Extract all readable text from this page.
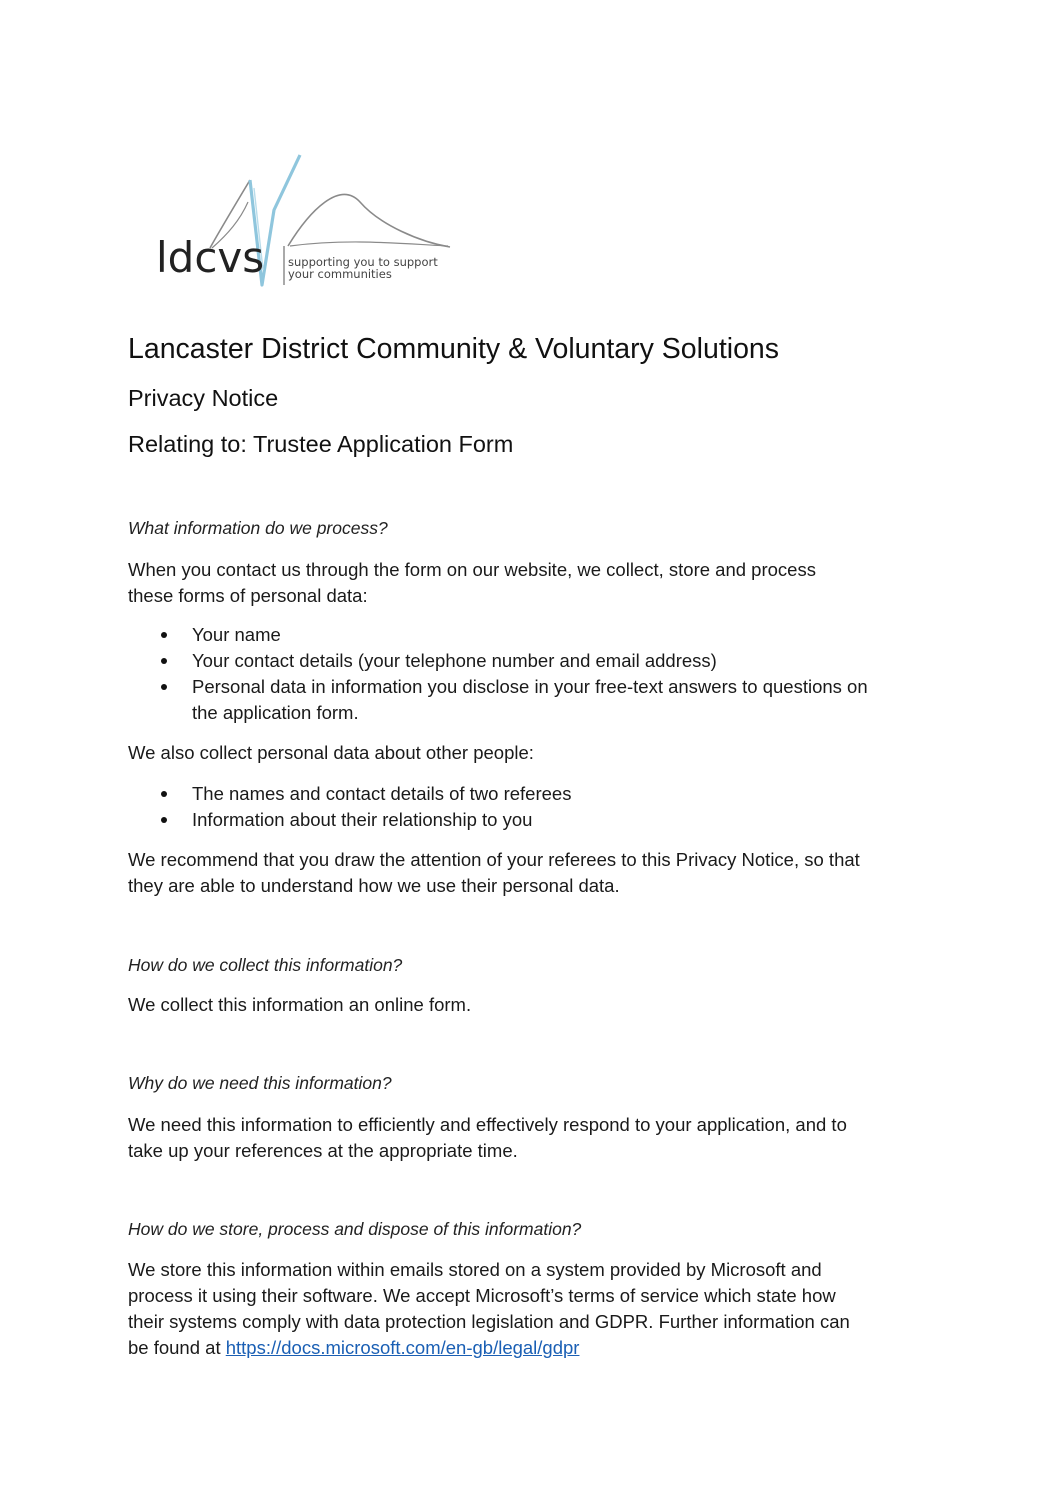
ldcvs supporting you to support
your communities
Lancaster District Community & Voluntary Solutions
Privacy Notice
Relating to: Trustee Application Form
What information do we process?
When you contact us through the form on our website, we collect, store and process
these forms of personal data:
Your name
Your contact details (your telephone number and email address)
Personal data in information you disclose in your free-text answers to questions on
the application form.
We also collect personal data about other people:
The names and contact details of two referees
Information about their relationship to you
We recommend that you draw the attention of your referees to this Privacy Notice, so that
they are able to understand how we use their personal data.
How do we collect this information?
We collect this information an online form.
Why do we need this information?
We need this information to efficiently and effectively respond to your application, and to
take up your references at the appropriate time.
How do we store, process and dispose of this information?
We store this information within emails stored on a system provided by Microsoft and
process it using their software. We accept Microsoft’s terms of service which state how
their systems comply with data protection legislation and GDPR. Further information can
be found at https://docs.microsoft.com/en-gb/legal/gdpr
